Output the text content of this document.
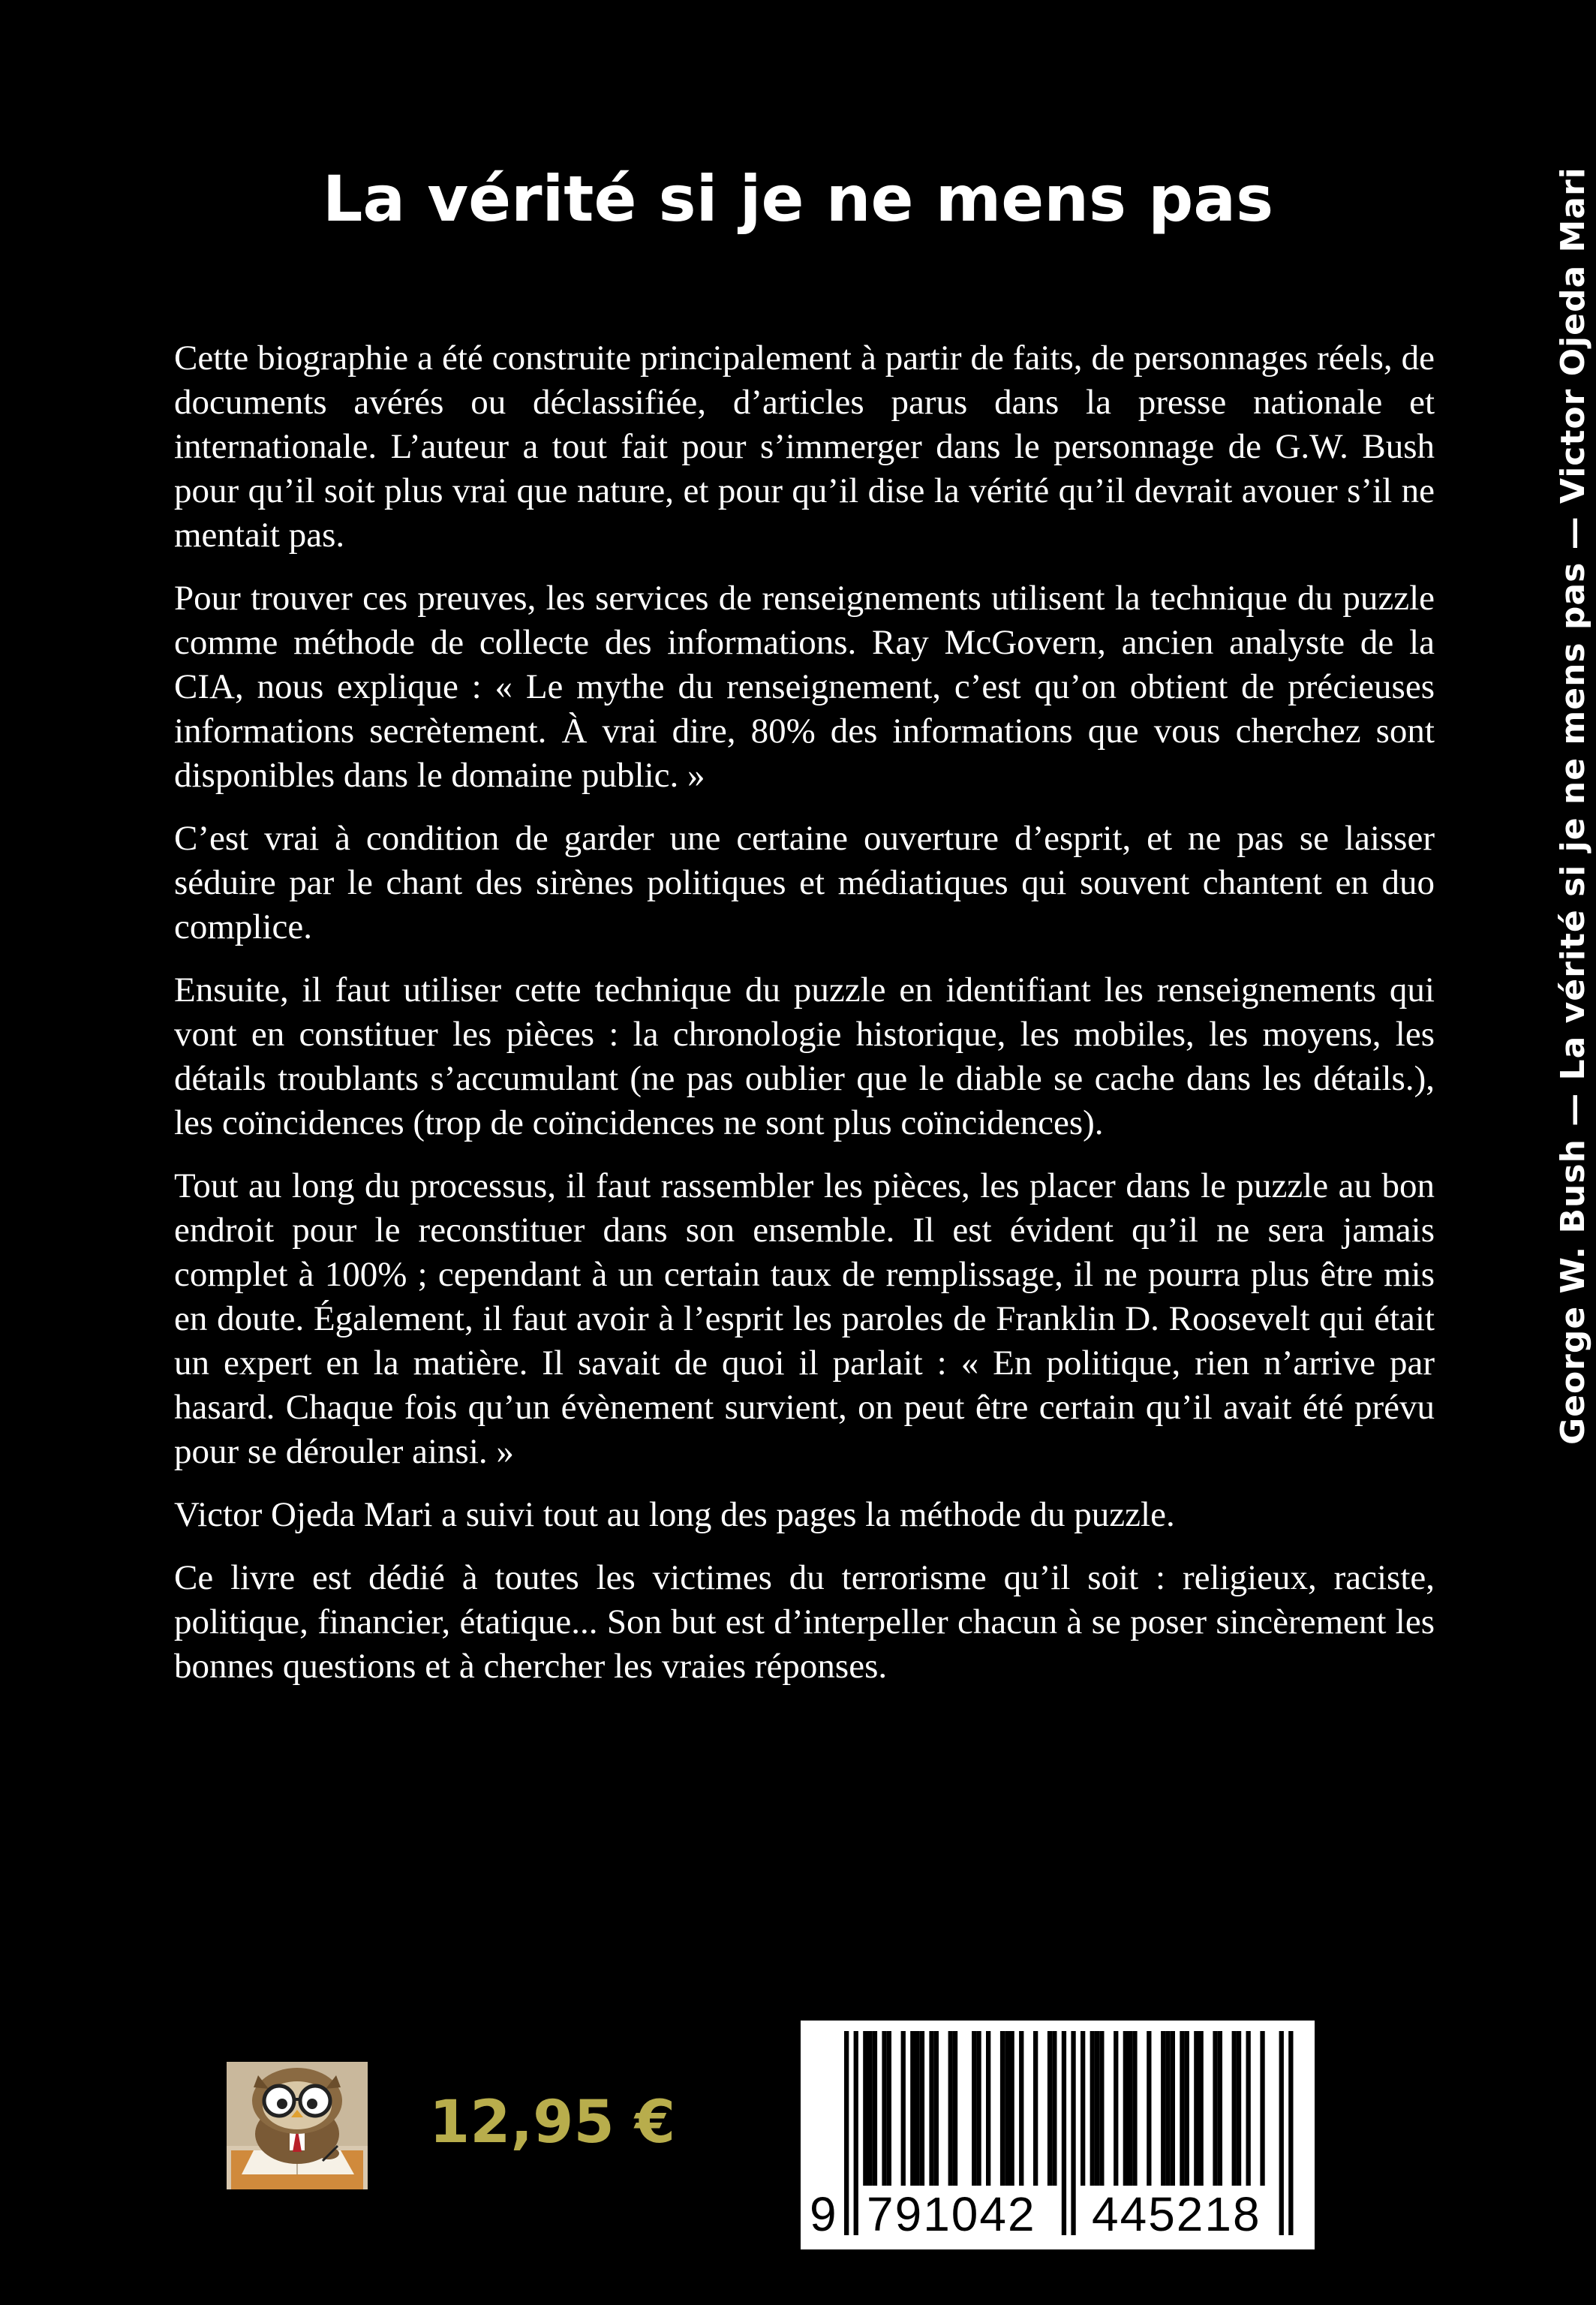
La vérité si je ne mens pas

Cette biographie a été construite principalement à partir de faits, de personnages réels, de documents avérés ou déclassifiée, d’articles parus dans la presse nationale et internationale. L’auteur a tout fait pour s’immerger dans le personnage de G.W. Bush pour qu’il soit plus vrai que nature, et pour qu’il dise la vérité qu’il devrait avouer s’il ne mentait pas.

Pour trouver ces preuves, les services de renseignements utilisent la technique du puzzle comme méthode de collecte des informations. Ray McGovern, ancien analyste de la CIA, nous explique : « Le mythe du renseignement, c’est qu’on obtient de précieuses informations secrètement. À vrai dire, 80% des informations que vous cherchez sont disponibles dans le domaine public. »

C’est vrai à condition de garder une certaine ouverture d’esprit, et ne pas se laisser séduire par le chant des sirènes politiques et médiatiques qui souvent chantent en duo complice.

Ensuite, il faut utiliser cette technique du puzzle en identifiant les renseignements qui vont en constituer les pièces : la chronologie historique, les mobiles, les moyens, les détails troublants s’accumulant (ne pas oublier que le diable se cache dans les détails.), les coïncidences (trop de coïncidences ne sont plus coïncidences).

Tout au long du processus, il faut rassembler les pièces, les placer dans le puzzle au bon endroit pour le reconstituer dans son ensemble. Il est évident qu’il ne sera jamais complet à 100% ; cependant à un certain taux de remplissage, il ne pourra plus être mis en doute. Également, il faut avoir à l’esprit les paroles de Franklin D. Roosevelt qui était un expert en la matière. Il savait de quoi il parlait : « En politique, rien n’arrive par hasard. Chaque fois qu’un évènement survient, on peut être certain qu’il avait été prévu pour se dérouler ainsi. »

Victor Ojeda Mari a suivi tout au long des pages la méthode du puzzle.

Ce livre est dédié à toutes les victimes du terrorisme qu’il soit : religieux, raciste, politique, financier, étatique... Son but est d’interpeller chacun à se poser sincèrement les bonnes questions et à chercher les vraies réponses.

George W. Bush — La vérité si je ne mens pas — Victor Ojeda Mari
12,95 €
9 791042 445218
